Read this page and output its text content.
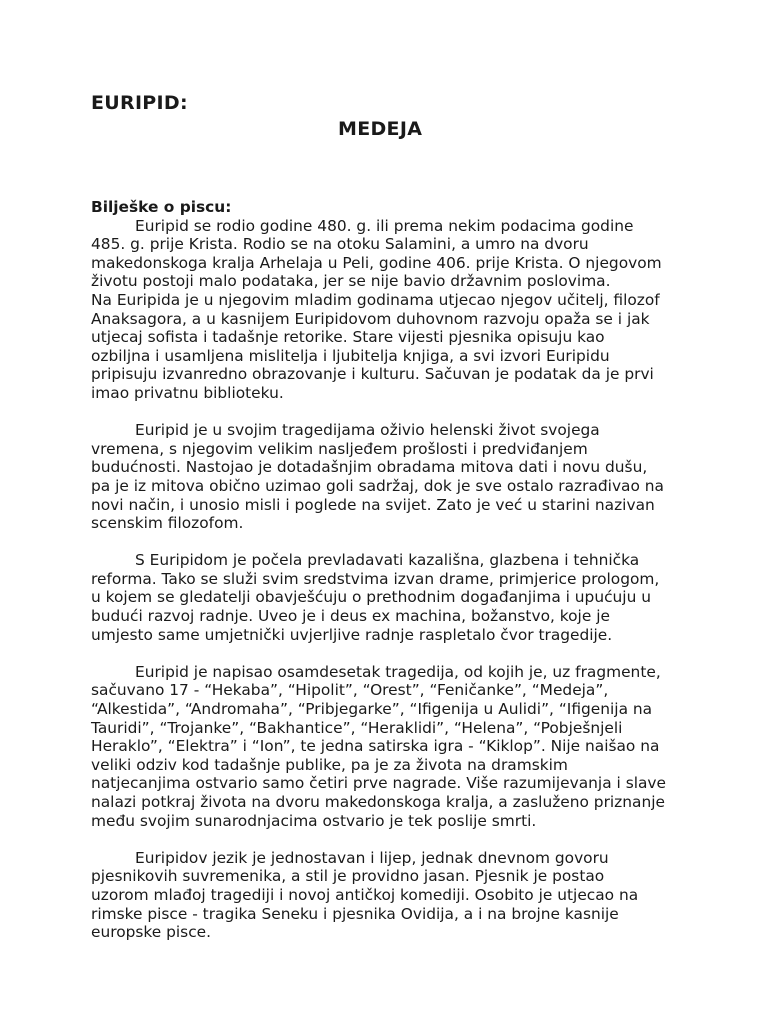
EURIPID:
MEDEJA

Bilješke o piscu:

Euripid se rodio godine 480. g. ili prema nekim podacima godine
485. g. prije Krista. Rodio se na otoku Salamini, a umro na dvoru
makedonskoga kralja Arhelaja u Peli, godine 406. prije Krista. O njegovom
životu postoji malo podataka, jer se nije bavio državnim poslovima.
Na Euripida je u njegovim mladim godinama utjecao njegov učitelj, filozof
Anaksagora, a u kasnijem Euripidovom duhovnom razvoju opaža se i jak
utjecaj sofista i tadašnje retorike. Stare vijesti pjesnika opisuju kao
ozbiljna i usamljena mislitelja i ljubitelja knjiga, a svi izvori Euripidu
pripisuju izvanredno obrazovanje i kulturu. Sačuvan je podatak da je prvi
imao privatnu biblioteku.
Euripid je u svojim tragedijama oživio helenski život svojega
vremena, s njegovim velikim nasljeđem prošlosti i predviđanjem
budućnosti. Nastojao je dotadašnjim obradama mitova dati i novu dušu,
pa je iz mitova obično uzimao goli sadržaj, dok je sve ostalo razrađivao na
novi način, i unosio misli i poglede na svijet. Zato je već u starini nazivan
scenskim filozofom.
S Euripidom je počela prevladavati kazališna, glazbena i tehnička
reforma. Tako se služi svim sredstvima izvan drame, primjerice prologom,
u kojem se gledatelji obavješćuju o prethodnim događanjima i upućuju u
budući razvoj radnje. Uveo je i deus ex machina, božanstvo, koje je
umjesto same umjetnički uvjerljive radnje raspletalo čvor tragedije.
Euripid je napisao osamdesetak tragedija, od kojih je, uz fragmente,
sačuvano 17 - “Hekaba”, “Hipolit”, “Orest”, “Feničanke”, “Medeja”,
“Alkestida”, “Andromaha”, “Pribjegarke”, “Ifigenija u Aulidi”, “Ifigenija na
Tauridi”, “Trojanke”, “Bakhantice”, “Heraklidi”, “Helena”, “Pobješnjeli
Heraklo”, “Elektra” i “Ion”, te jedna satirska igra - “Kiklop”. Nije naišao na
veliki odziv kod tadašnje publike, pa je za života na dramskim
natjecanjima ostvario samo četiri prve nagrade. Više razumijevanja i slave
nalazi potkraj života na dvoru makedonskoga kralja, a zasluženo priznanje
među svojim sunarodnjacima ostvario je tek poslije smrti.
Euripidov jezik je jednostavan i lijep, jednak dnevnom govoru
pjesnikovih suvremenika, a stil je providno jasan. Pjesnik je postao
uzorom mlađoj tragediji i novoj antičkoj komediji. Osobito je utjecao na
rimske pisce - tragika Seneku i pjesnika Ovidija, a i na brojne kasnije
europske pisce.
